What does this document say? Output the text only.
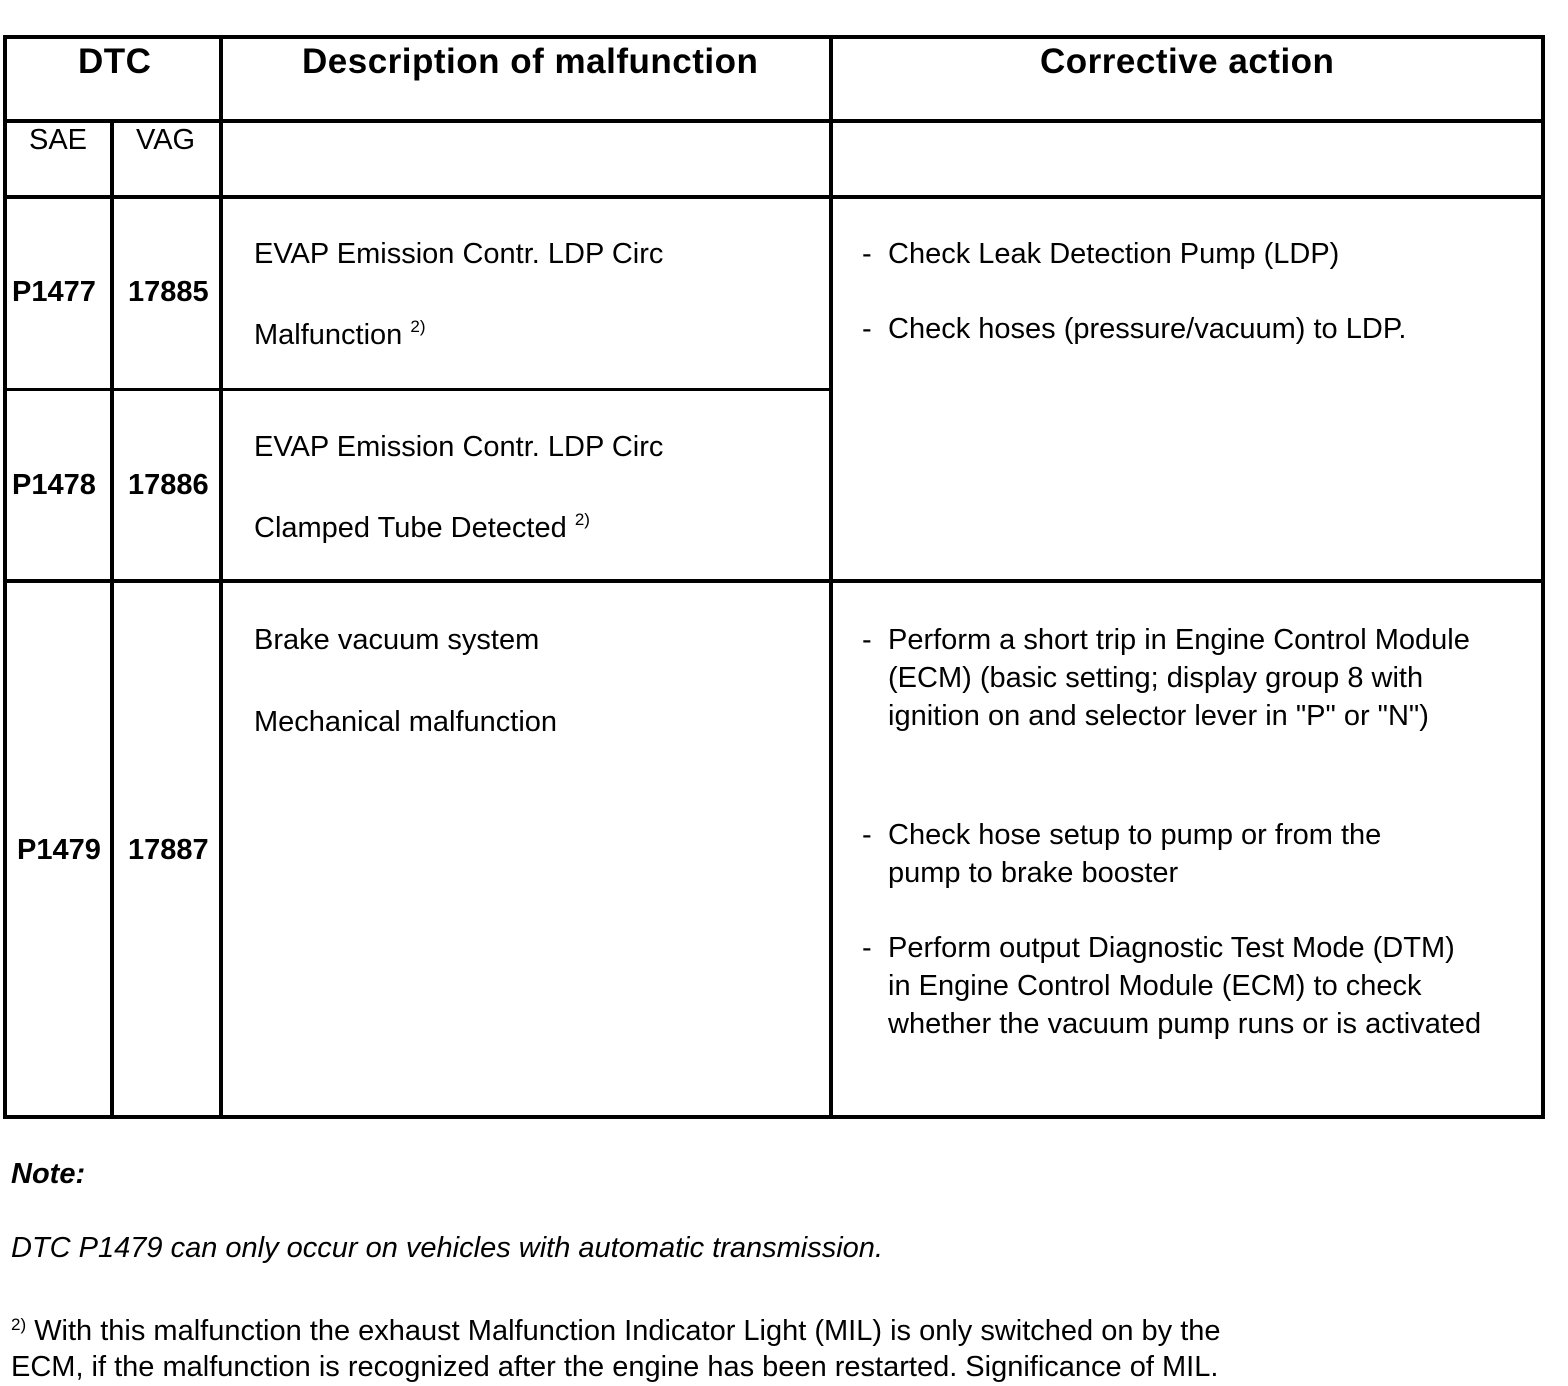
DTC	Description of malfunction	Corrective action
SAE VAG
P1477 17885
EVAP Emission Contr. LDP Circ
Malfunction $^{2)}$
P1478 17886
EVAP Emission Contr. LDP Circ
Clamped Tube Detected $^{2)}$
- Check Leak Detection Pump (LDP)
- Check hoses (pressure/vacuum) to LDP.
P1479 17887
Brake vacuum system
Mechanical malfunction
- Perform a short trip in Engine Control Module (ECM) (basic setting; display group 8 with ignition on and selector lever in "P" or "N")
- Check hose setup to pump or from the pump to brake booster
- Perform output Diagnostic Test Mode (DTM) in Engine Control Module (ECM) to check whether the vacuum pump runs or is activated
Note:
DTC P1479 can only occur on vehicles with automatic transmission.
$^{2)}$ With this malfunction the exhaust Malfunction Indicator Light (MIL) is only switched on by the
ECM, if the malfunction is recognized after the engine has been restarted. Significance of MIL.
